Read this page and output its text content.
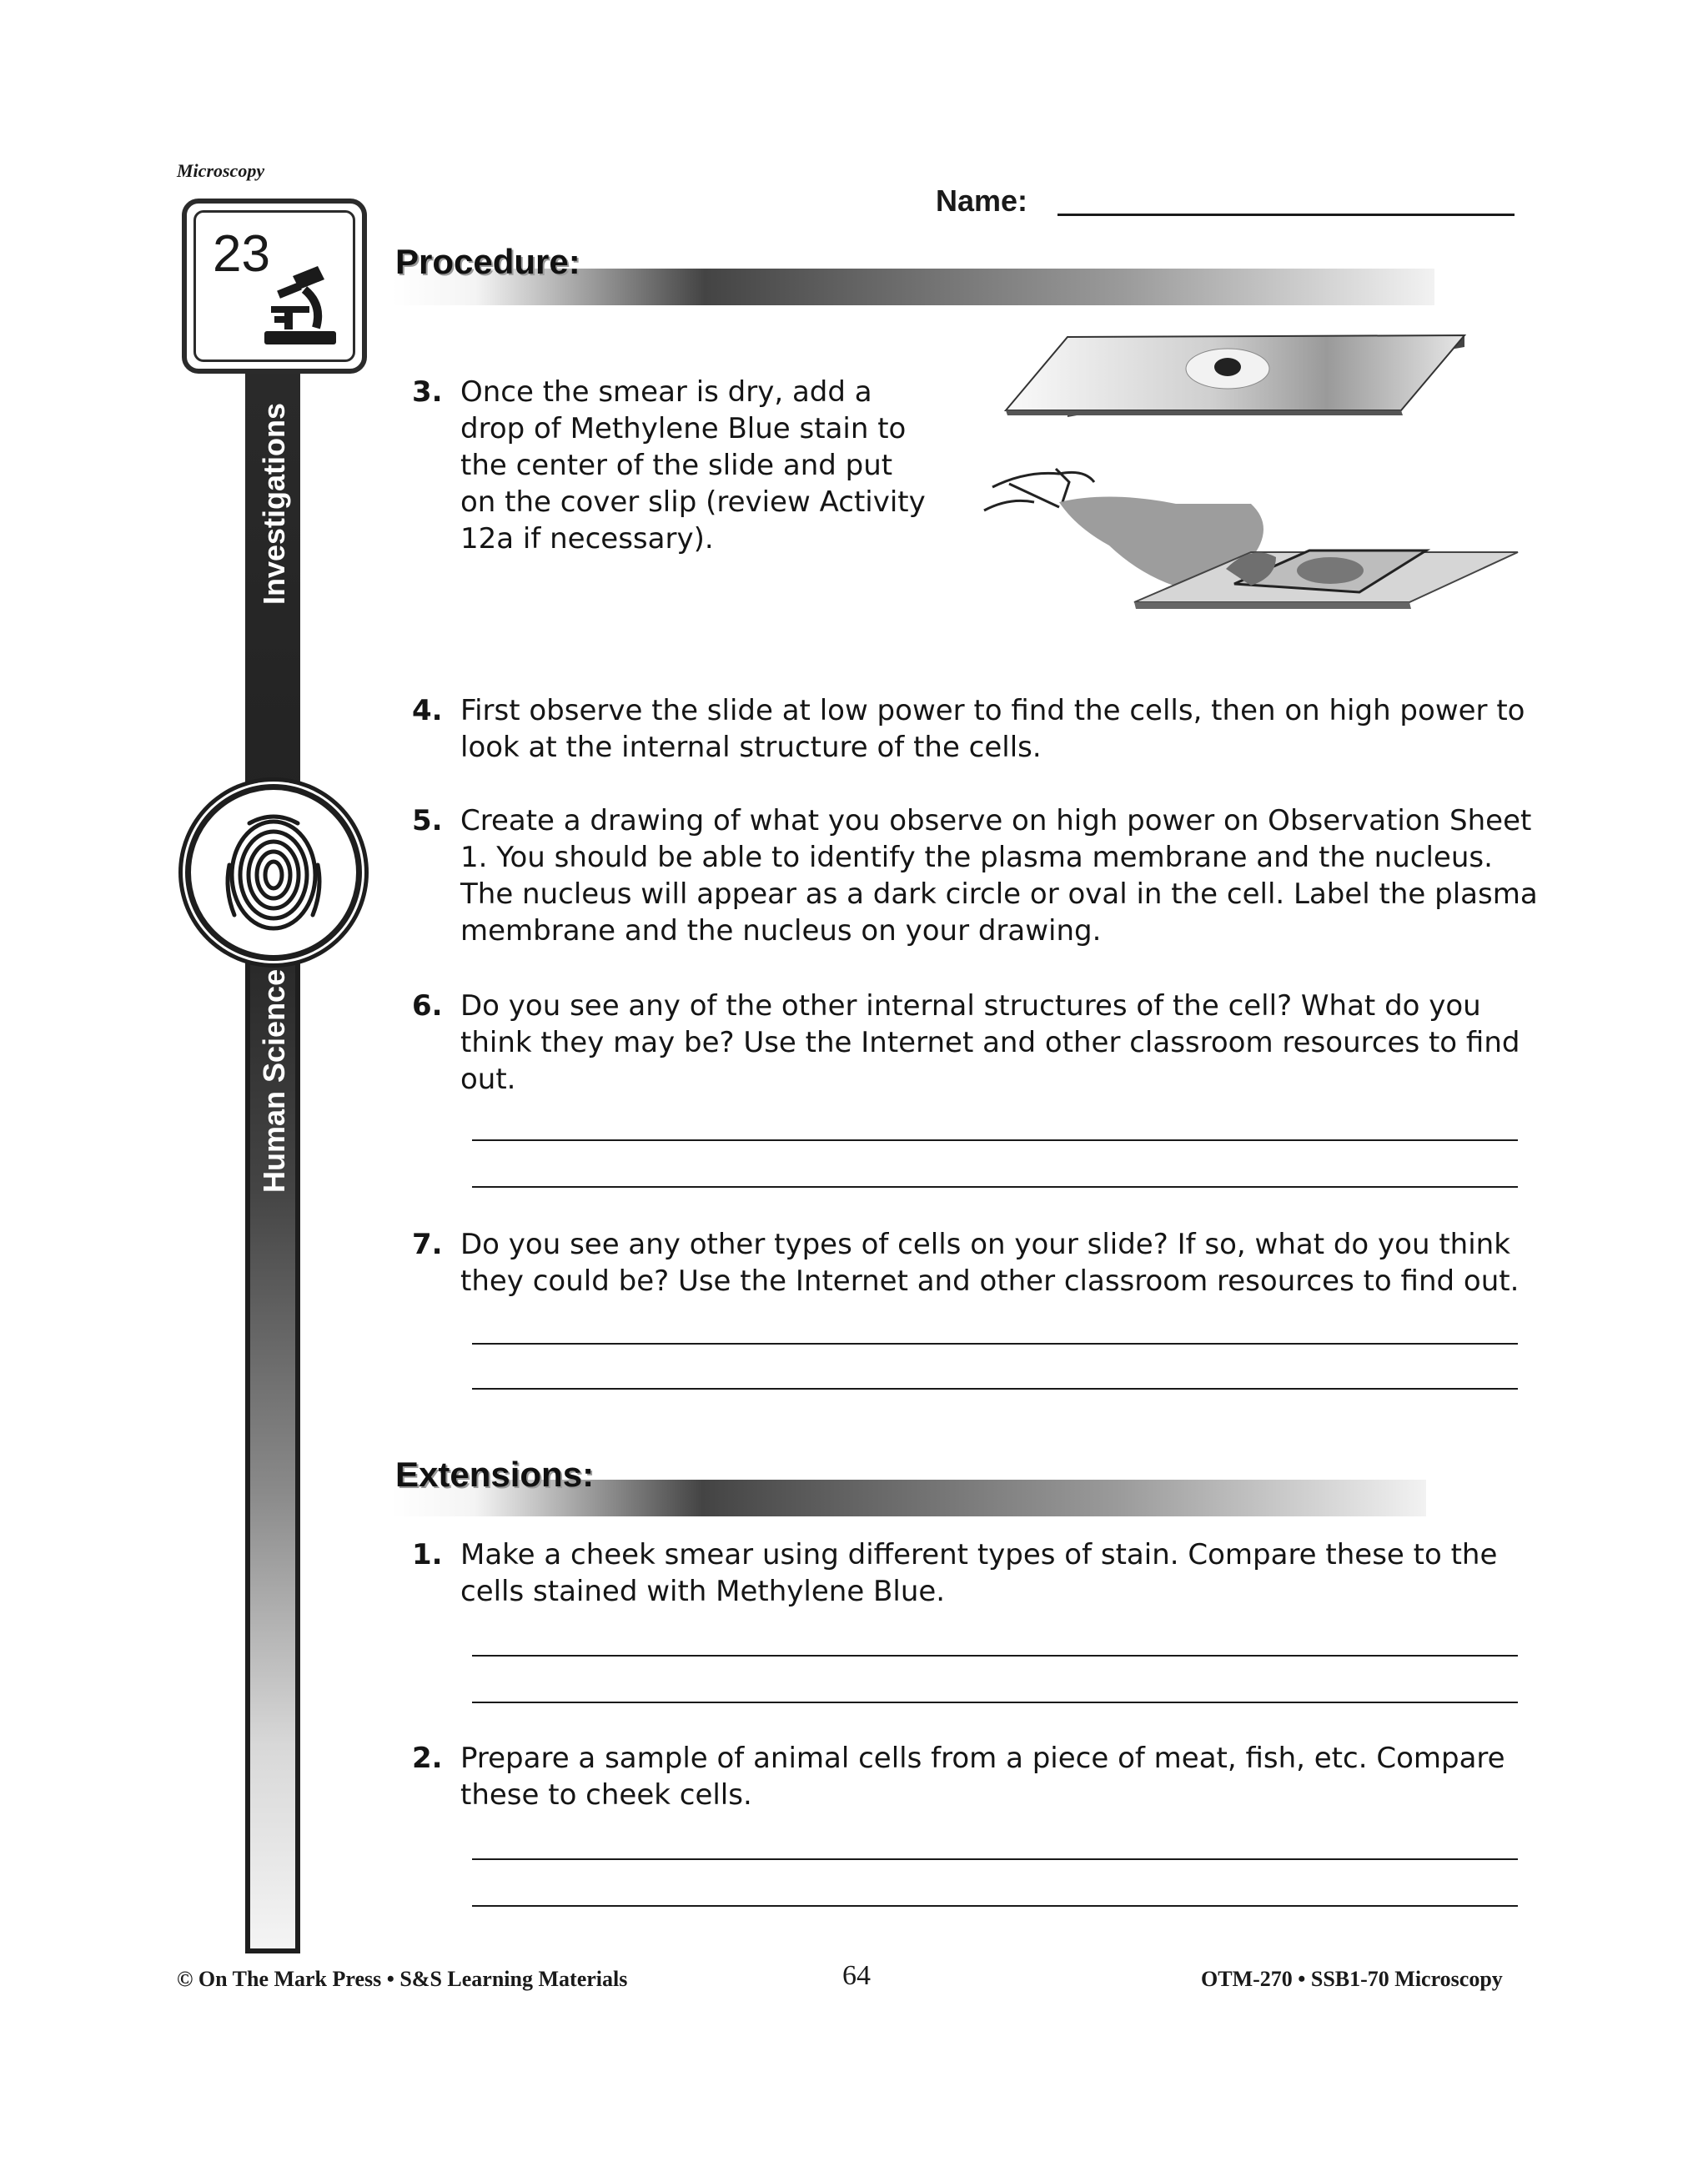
Microscopy
23
Investigations
Human Science
Name:
Procedure:
3. Once the smear is dry, add a
drop of Methylene Blue stain to
the center of the slide and put
on the cover slip (review Activity
12a if necessary).
4. First observe the slide at low power to find the cells, then on high power to
look at the internal structure of the cells.
5. Create a drawing of what you observe on high power on Observation Sheet
1. You should be able to identify the plasma membrane and the nucleus.
The nucleus will appear as a dark circle or oval in the cell. Label the plasma
membrane and the nucleus on your drawing.
6. Do you see any of the other internal structures of the cell? What do you
think they may be? Use the Internet and other classroom resources to find
out.
7. Do you see any other types of cells on your slide? If so, what do you think
they could be? Use the Internet and other classroom resources to find out.
Extensions:
1. Make a cheek smear using different types of stain. Compare these to the
cells stained with Methylene Blue.
2. Prepare a sample of animal cells from a piece of meat, fish, etc. Compare
these to cheek cells.
© On The Mark Press • S&S Learning Materials	64	OTM-270 • SSB1-70 Microscopy
